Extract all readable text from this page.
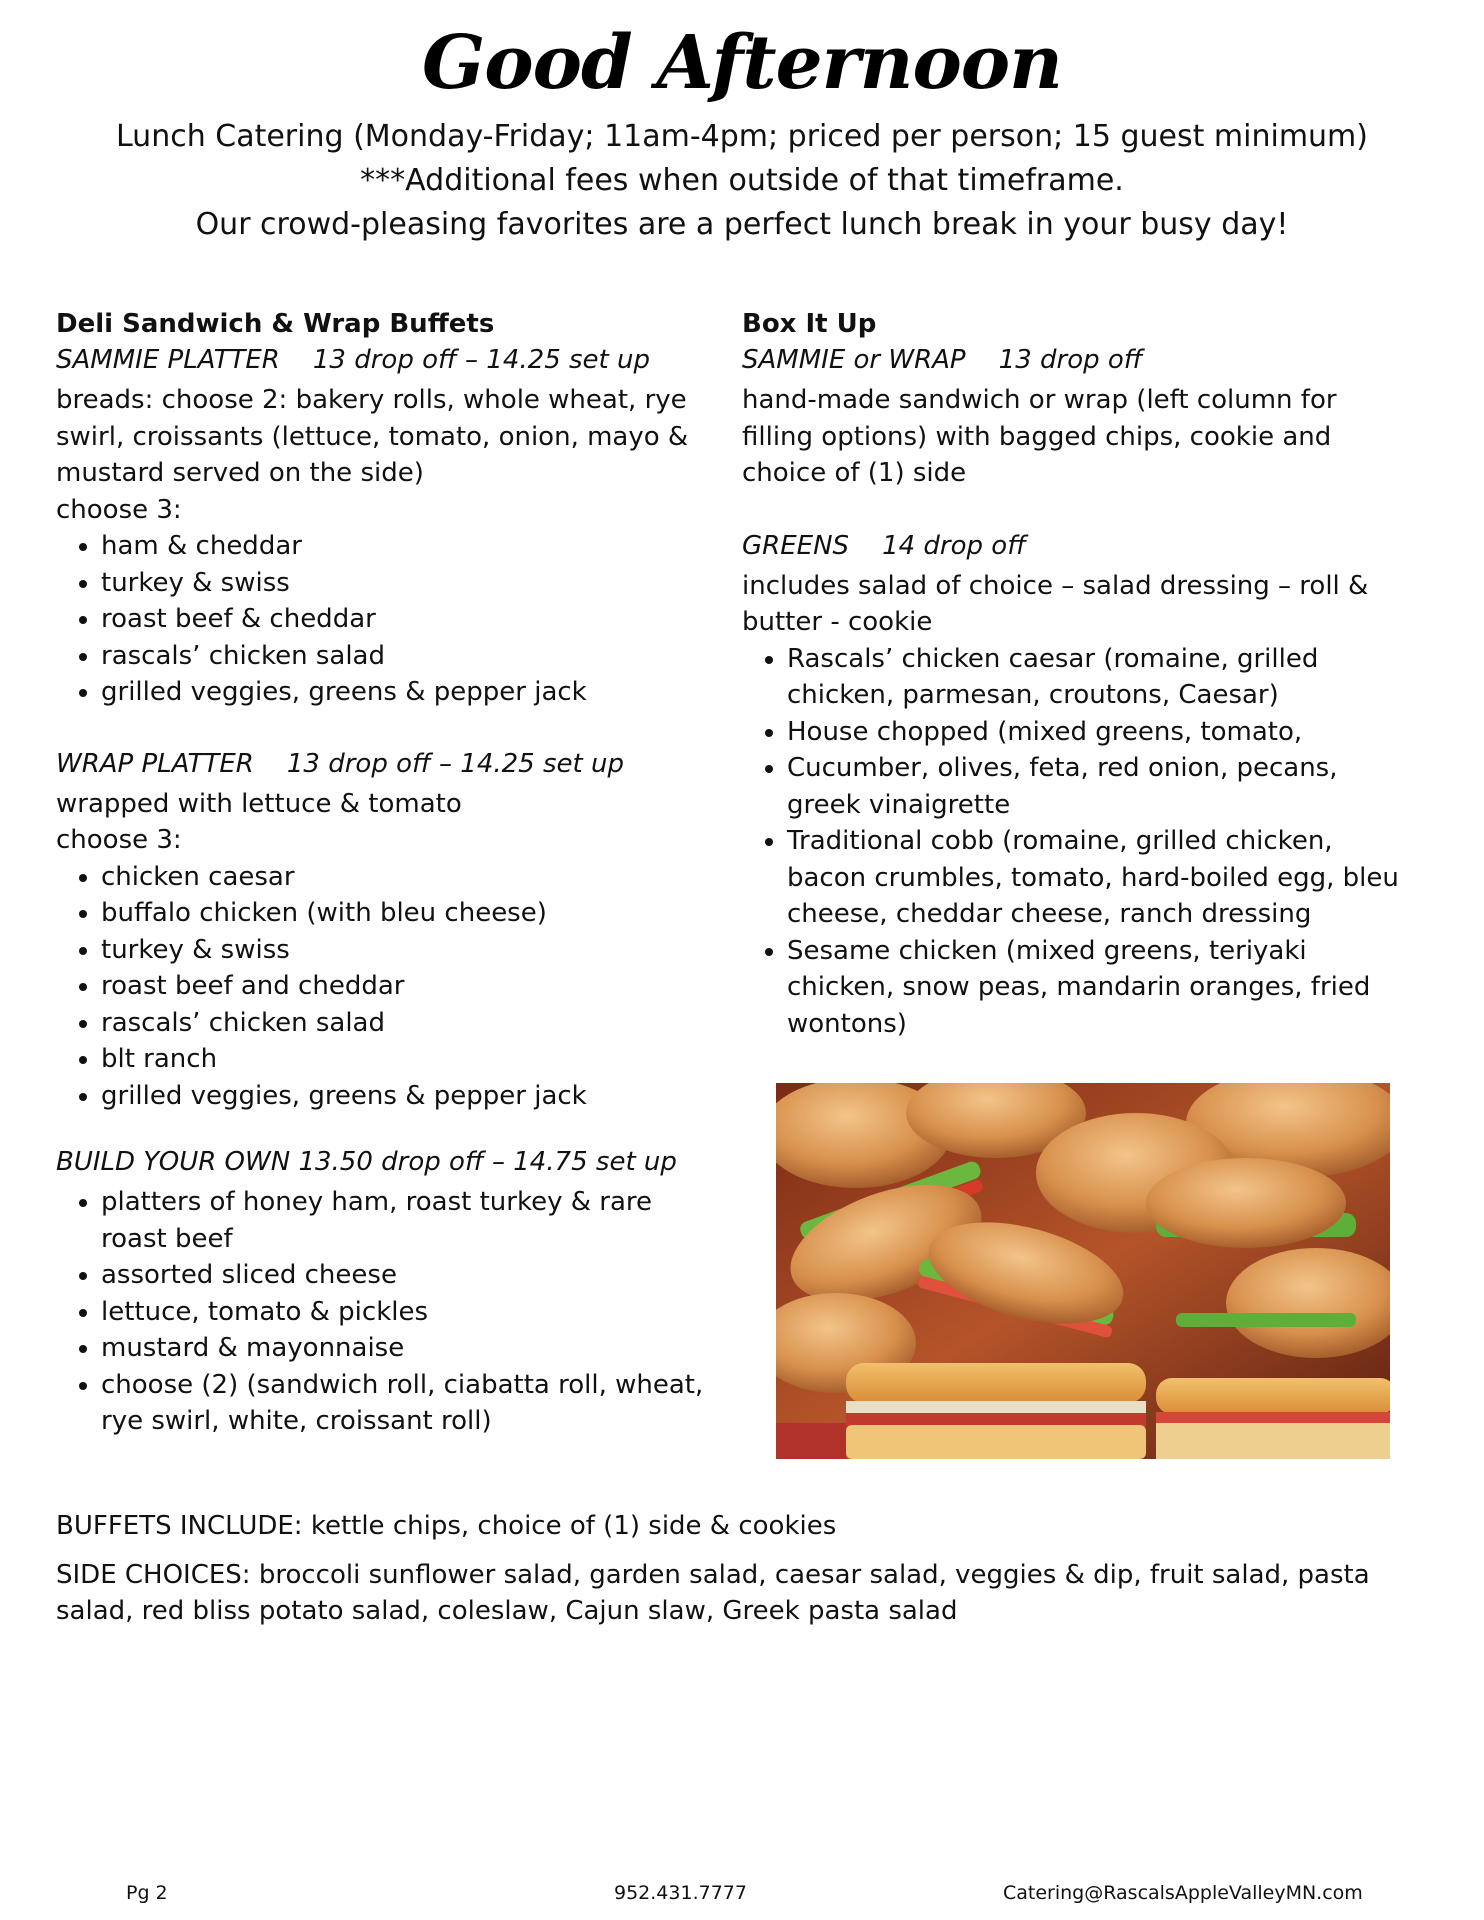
Good Afternoon
Lunch Catering (Monday-Friday; 11am-4pm; priced per person; 15 guest minimum)
***Additional fees when outside of that timeframe.
Our crowd-pleasing favorites are a perfect lunch break in your busy day!

Deli Sandwich & Wrap Buffets

SAMMIE PLATTER    13 drop off – 14.25 set up

breads: choose 2: bakery rolls, whole wheat, rye swirl, croissants (lettuce, tomato, onion, mayo & mustard served on the side)

choose 3:

• ham & cheddar
• turkey & swiss
• roast beef & cheddar
• rascals’ chicken salad
• grilled veggies, greens & pepper jack

WRAP PLATTER    13 drop off – 14.25 set up

wrapped with lettuce & tomato

choose 3:

• chicken caesar
• buffalo chicken (with bleu cheese)
• turkey & swiss
• roast beef and cheddar
• rascals’ chicken salad
• blt ranch
• grilled veggies, greens & pepper jack

BUILD YOUR OWN 13.50 drop off – 14.75 set up

• platters of honey ham, roast turkey & rare roast beef
• assorted sliced cheese
• lettuce, tomato & pickles
• mustard & mayonnaise
• choose (2) (sandwich roll, ciabatta roll, wheat, rye swirl, white, croissant roll)

Box It Up

SAMMIE or WRAP    13 drop off

hand-made sandwich or wrap (left column for filling options) with bagged chips, cookie and choice of (1) side

GREENS    14 drop off

includes salad of choice – salad dressing – roll & butter - cookie

• Rascals’ chicken caesar (romaine, grilled chicken, parmesan, croutons, Caesar)
• House chopped (mixed greens, tomato,
• Cucumber, olives, feta, red onion, pecans, greek vinaigrette
• Traditional cobb (romaine, grilled chicken, bacon crumbles, tomato, hard-boiled egg, bleu cheese, cheddar cheese, ranch dressing
• Sesame chicken (mixed greens, teriyaki chicken, snow peas, mandarin oranges, fried wontons)

BUFFETS INCLUDE: kettle chips, choice of (1) side & cookies

SIDE CHOICES: broccoli sunflower salad, garden salad, caesar salad, veggies & dip, fruit salad, pasta salad, red bliss potato salad, coleslaw, Cajun slaw, Greek pasta salad

Pg 2	952.431.7777	Catering@RascalsAppleValleyMN.com
